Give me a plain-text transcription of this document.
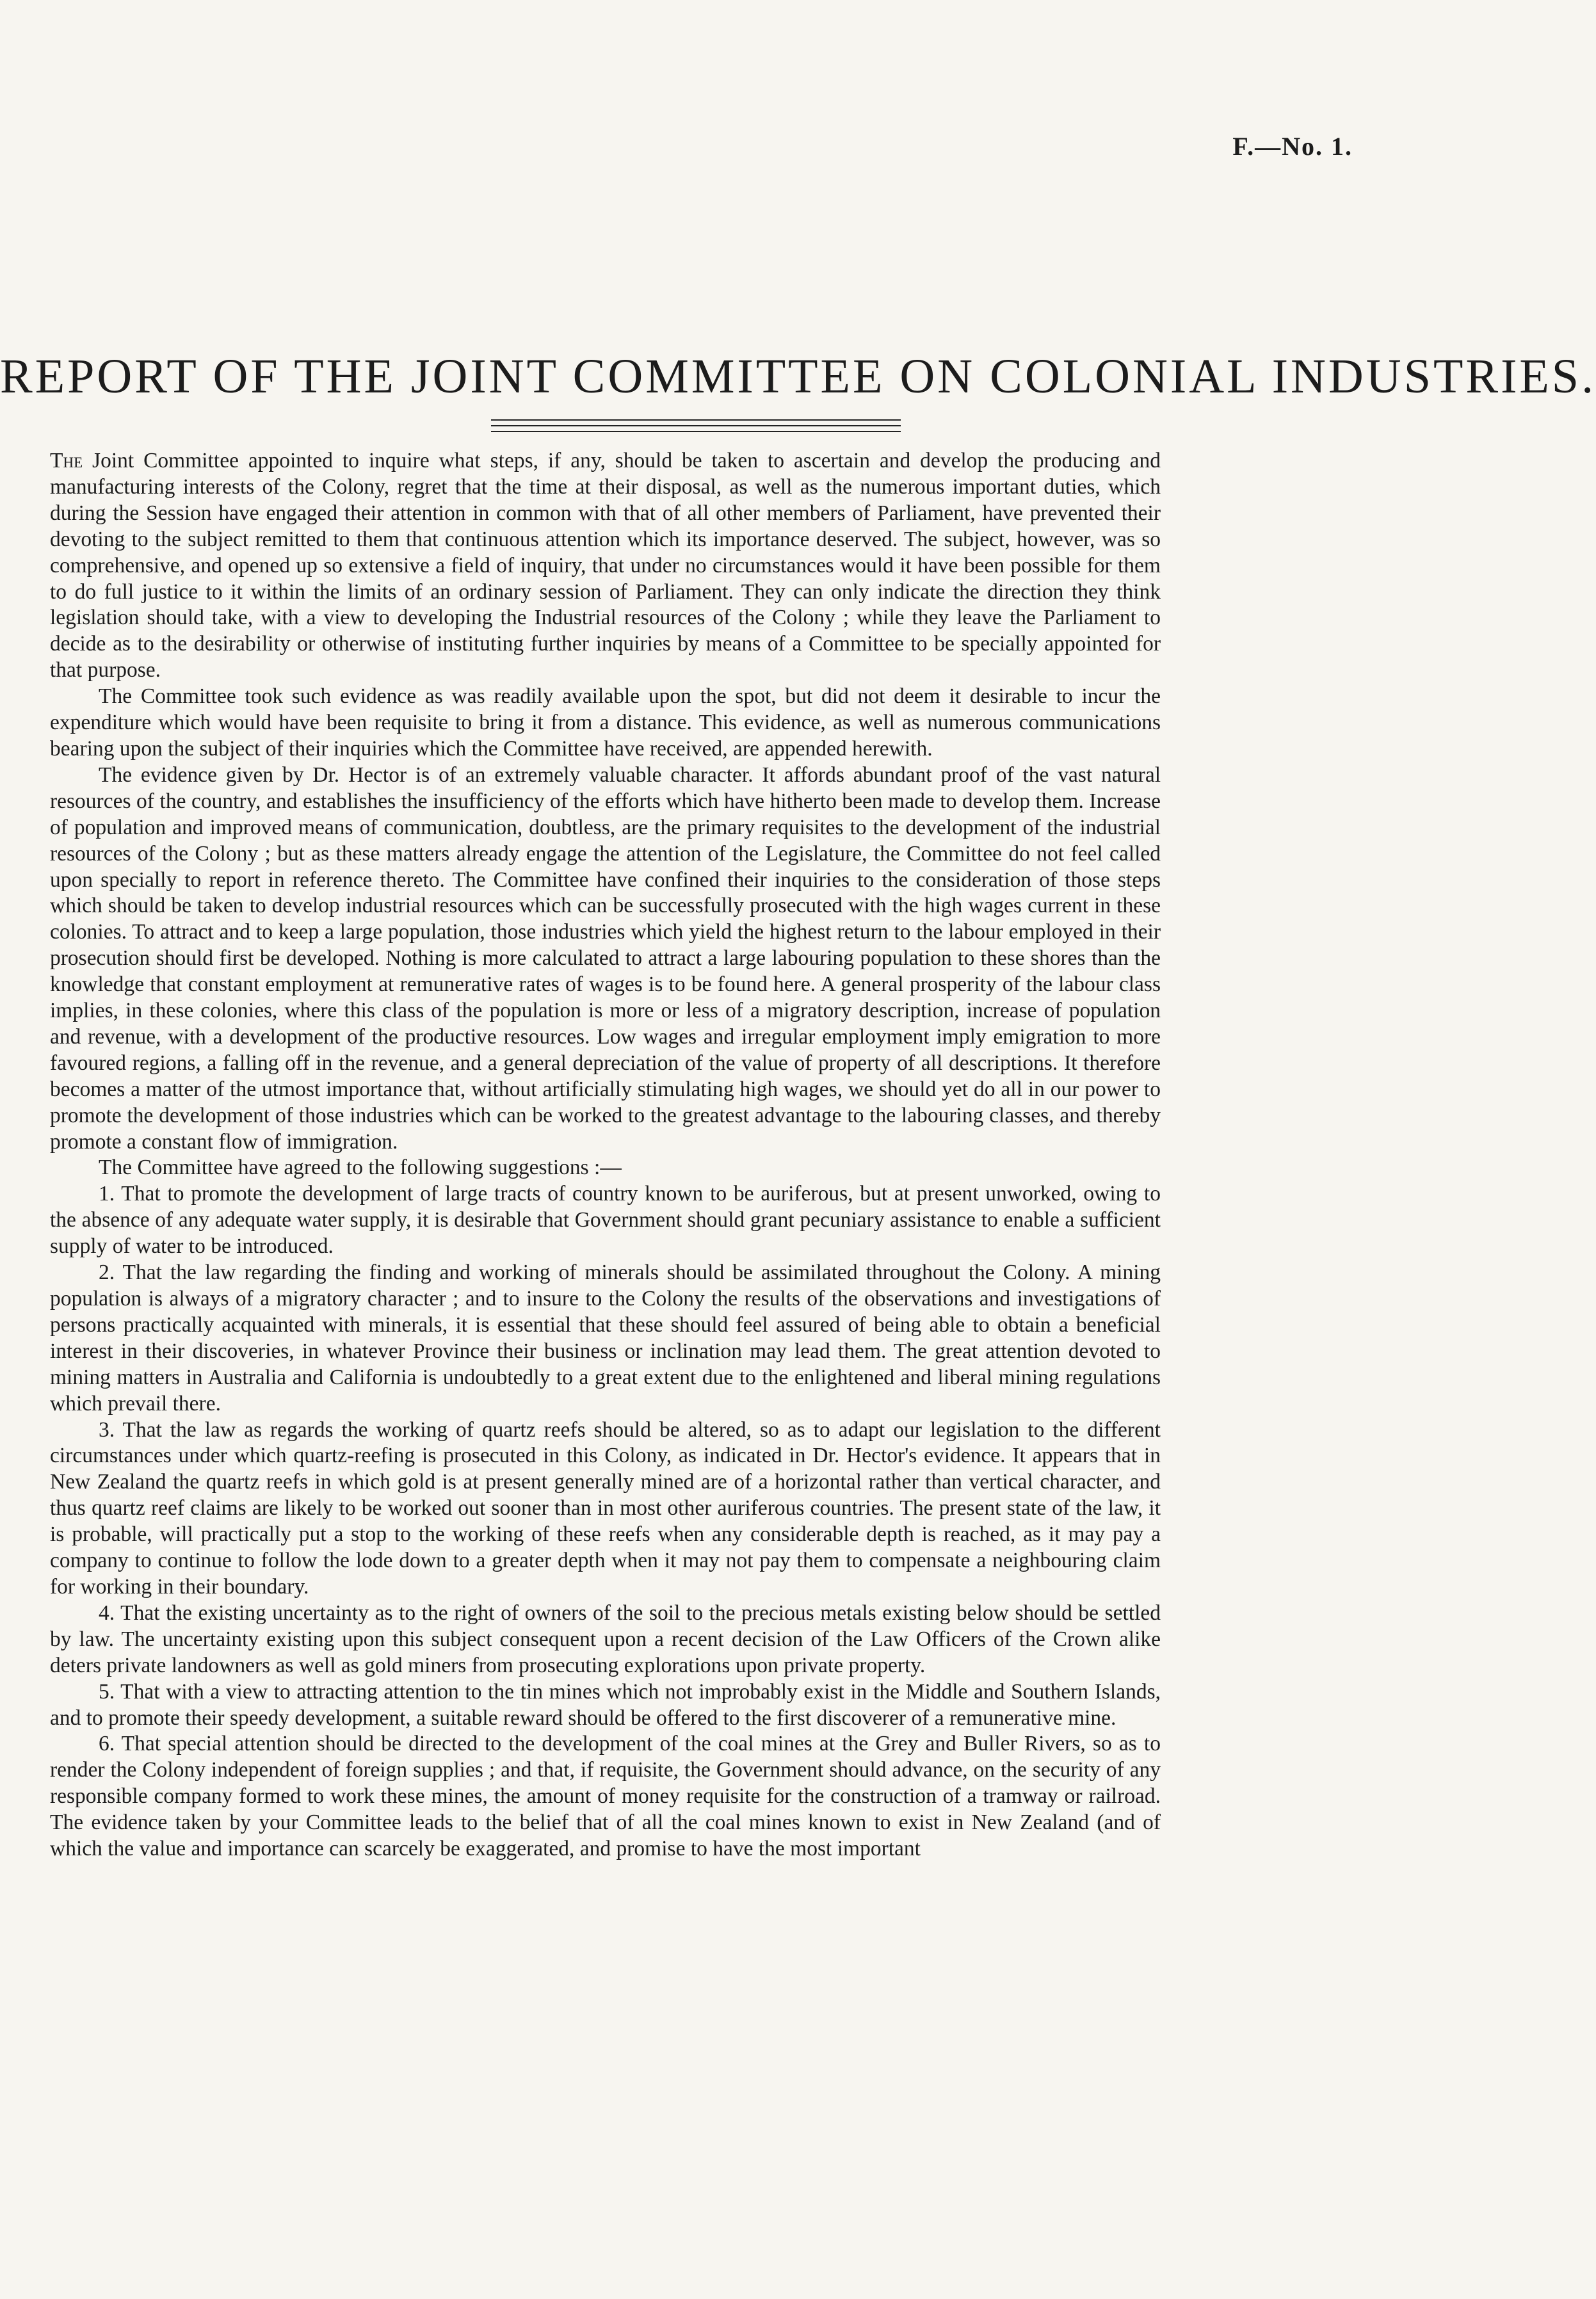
F.—No. 1.
REPORT OF THE JOINT COMMITTEE ON COLONIAL INDUSTRIES.

The Joint Committee appointed to inquire what steps, if any, should be taken to ascertain and develop the producing and manufacturing interests of the Colony, regret that the time at their disposal, as well as the numerous important duties, which during the Session have engaged their attention in common with that of all other members of Parliament, have prevented their devoting to the subject remitted to them that continuous attention which its importance deserved. The subject, however, was so comprehensive, and opened up so extensive a field of inquiry, that under no circumstances would it have been possible for them to do full justice to it within the limits of an ordinary session of Parliament. They can only indicate the direction they think legislation should take, with a view to developing the Industrial resources of the Colony ; while they leave the Parliament to decide as to the desirability or otherwise of instituting further inquiries by means of a Committee to be specially appointed for that purpose.

The Committee took such evidence as was readily available upon the spot, but did not deem it desirable to incur the expenditure which would have been requisite to bring it from a distance. This evidence, as well as numerous communications bearing upon the subject of their inquiries which the Committee have received, are appended herewith.

The evidence given by Dr. Hector is of an extremely valuable character. It affords abundant proof of the vast natural resources of the country, and establishes the insufficiency of the efforts which have hitherto been made to develop them. Increase of population and improved means of communication, doubtless, are the primary requisites to the development of the industrial resources of the Colony ; but as these matters already engage the attention of the Legislature, the Committee do not feel called upon specially to report in reference thereto. The Committee have confined their inquiries to the consideration of those steps which should be taken to develop industrial resources which can be successfully prosecuted with the high wages current in these colonies. To attract and to keep a large population, those industries which yield the highest return to the labour employed in their prosecution should first be developed. Nothing is more calculated to attract a large labouring population to these shores than the knowledge that constant employment at remunerative rates of wages is to be found here. A general prosperity of the labour class implies, in these colonies, where this class of the population is more or less of a migratory description, increase of population and revenue, with a development of the productive resources. Low wages and irregular employment imply emigration to more favoured regions, a falling off in the revenue, and a general depreciation of the value of property of all descriptions. It therefore becomes a matter of the utmost importance that, without artificially stimulating high wages, we should yet do all in our power to promote the development of those industries which can be worked to the greatest advantage to the labouring classes, and thereby promote a constant flow of immigration.

The Committee have agreed to the following suggestions :—

1. That to promote the development of large tracts of country known to be auriferous, but at present unworked, owing to the absence of any adequate water supply, it is desirable that Government should grant pecuniary assistance to enable a sufficient supply of water to be introduced.

2. That the law regarding the finding and working of minerals should be assimilated throughout the Colony. A mining population is always of a migratory character ; and to insure to the Colony the results of the observations and investigations of persons practically acquainted with minerals, it is essential that these should feel assured of being able to obtain a beneficial interest in their discoveries, in whatever Province their business or inclination may lead them. The great attention devoted to mining matters in Australia and California is undoubtedly to a great extent due to the enlightened and liberal mining regulations which prevail there.

3. That the law as regards the working of quartz reefs should be altered, so as to adapt our legislation to the different circumstances under which quartz-reefing is prosecuted in this Colony, as indicated in Dr. Hector's evidence. It appears that in New Zealand the quartz reefs in which gold is at present generally mined are of a horizontal rather than vertical character, and thus quartz reef claims are likely to be worked out sooner than in most other auriferous countries. The present state of the law, it is probable, will practically put a stop to the working of these reefs when any considerable depth is reached, as it may pay a company to continue to follow the lode down to a greater depth when it may not pay them to compensate a neighbouring claim for working in their boundary.

4. That the existing uncertainty as to the right of owners of the soil to the precious metals existing below should be settled by law. The uncertainty existing upon this subject consequent upon a recent decision of the Law Officers of the Crown alike deters private landowners as well as gold miners from prosecuting explorations upon private property.

5. That with a view to attracting attention to the tin mines which not improbably exist in the Middle and Southern Islands, and to promote their speedy development, a suitable reward should be offered to the first discoverer of a remunerative mine.

6. That special attention should be directed to the development of the coal mines at the Grey and Buller Rivers, so as to render the Colony independent of foreign supplies ; and that, if requisite, the Government should advance, on the security of any responsible company formed to work these mines, the amount of money requisite for the construction of a tramway or railroad. The evidence taken by your Committee leads to the belief that of all the coal mines known to exist in New Zealand (and of which the value and importance can scarcely be exaggerated, and promise to have the most important
